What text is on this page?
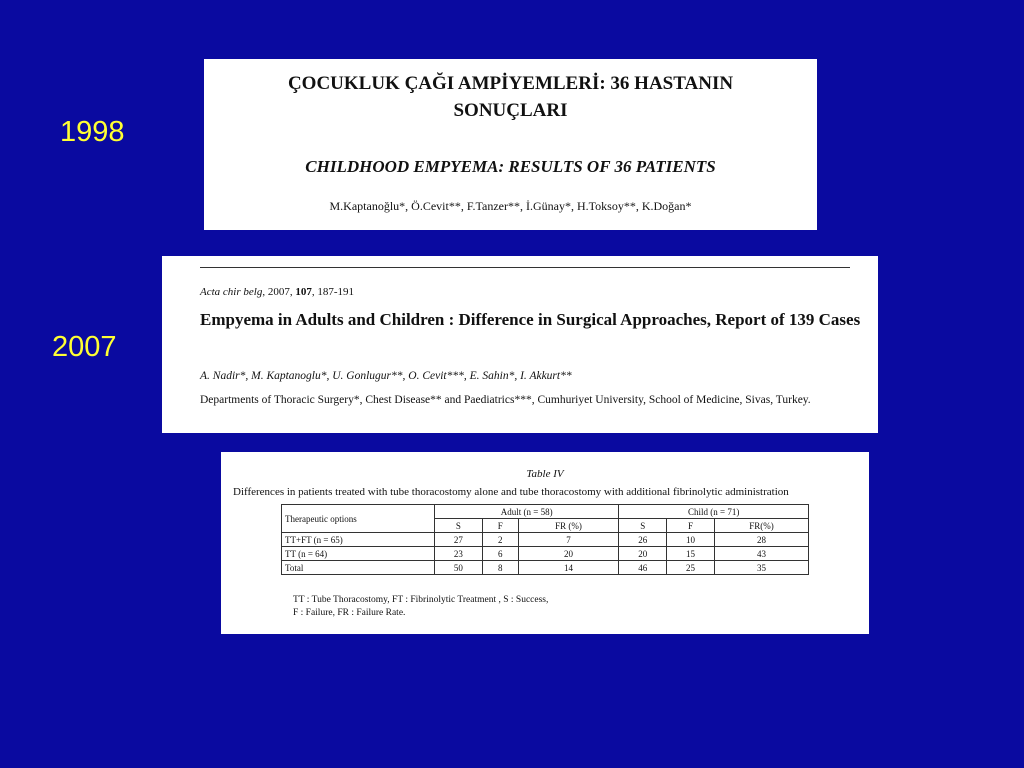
1998
2007
ÇOCUKLUK ÇAĞI AMPİYEMLERİ: 36 HASTANIN
SONUÇLARI
CHILDHOOD EMPYEMA: RESULTS OF 36 PATIENTS
M.Kaptanoğlu*, Ö.Cevit**, F.Tanzer**, İ.Günay*, H.Toksoy**, K.Doğan*
Acta chir belg, 2007, 107, 187-191
Empyema in Adults and Children : Difference in Surgical Approaches, Report of 139 Cases
A. Nadir*, M. Kaptanoglu*, U. Gonlugur**, O. Cevit***, E. Sahin*, I. Akkurt**
Departments of Thoracic Surgery*, Chest Disease** and Paediatrics***, Cumhuriyet University, School of Medicine, Sivas, Turkey.
Table IV
Differences in patients treated with tube thoracostomy alone and tube thoracostomy with additional fibrinolytic administration
Therapeutic options	Adult (n = 58)			Child (n = 71)		
	S	F	FR (%)	S	F	FR(%)
TT+FT (n = 65)	27	2	7	26	10	28
TT (n = 64)	23	6	20	20	15	43
Total	50	8	14	46	25	35
TT : Tube Thoracostomy, FT : Fibrinolytic Treatment , S : Success,
F : Failure, FR : Failure Rate.
